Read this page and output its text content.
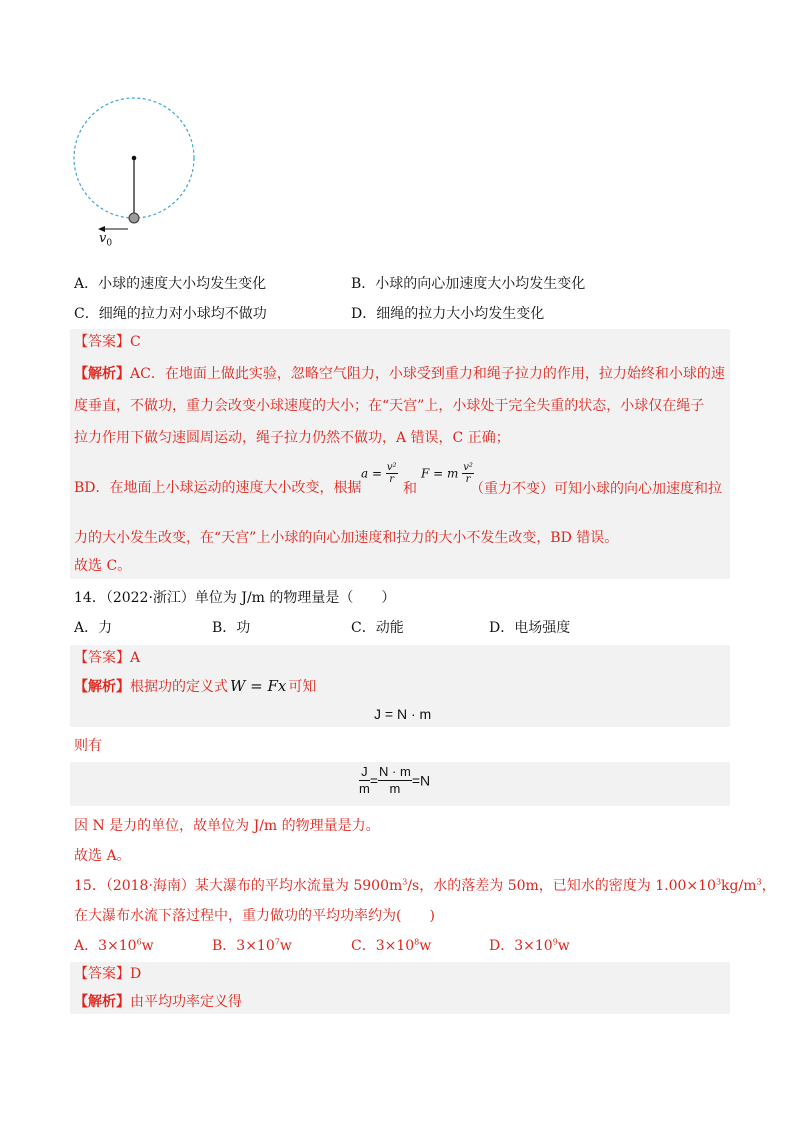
$v_0$
A．小球的速度大小均发生变化	B．小球的向心加速度大小均发生变化
C．细绳的拉力对小球均不做功	D．细绳的拉力大小均发生变化
【答案】C
【解析】AC．在地面上做此实验，忽略空气阻力，小球受到重力和绳子拉力的作用，拉力始终和小球的速
度垂直，不做功，重力会改变小球速度的大小；在“天宫”上，小球处于完全失重的状态，小球仅在绳子
拉力作用下做匀速圆周运动，绳子拉力仍然不做功，A 错误，C 正确；
BD．在地面上小球运动的速度大小改变，根据
$a = \frac{\text{v²}}{r}$
和
F = m $\frac{\text{v²}}{r}$
（重力不变）可知小球的向心加速度和拉
力的大小发生改变，在“天宫”上小球的向心加速度和拉力的大小不发生改变，BD 错误。
故选 C。
14．（2022·浙江）单位为 J/m 的物理量是（　　）
A．力	B．功	C．动能	D．电场强度
【答案】A
【解析】根据功的定义式 W = Fx 可知
J = N · m
则有
$\frac{J}{m} = \frac{N \cdot m}{m} =N$
因 N 是力的单位，故单位为 J/m 的物理量是力。
故选 A。
15．（2018·海南）某大瀑布的平均水流量为 $5900m^3/s$，水的落差为 50m，已知水的密度为 $1.00\times 10^3kg/m^3$，
在大瀑布水流下落过程中，重力做功的平均功率约为(　　)
A．$3\times 10^6w$	B．$3\times 10^7w$	C．$3\times 10^8w$	D．$3\times 10^9w$
【答案】D
【解析】由平均功率定义得
